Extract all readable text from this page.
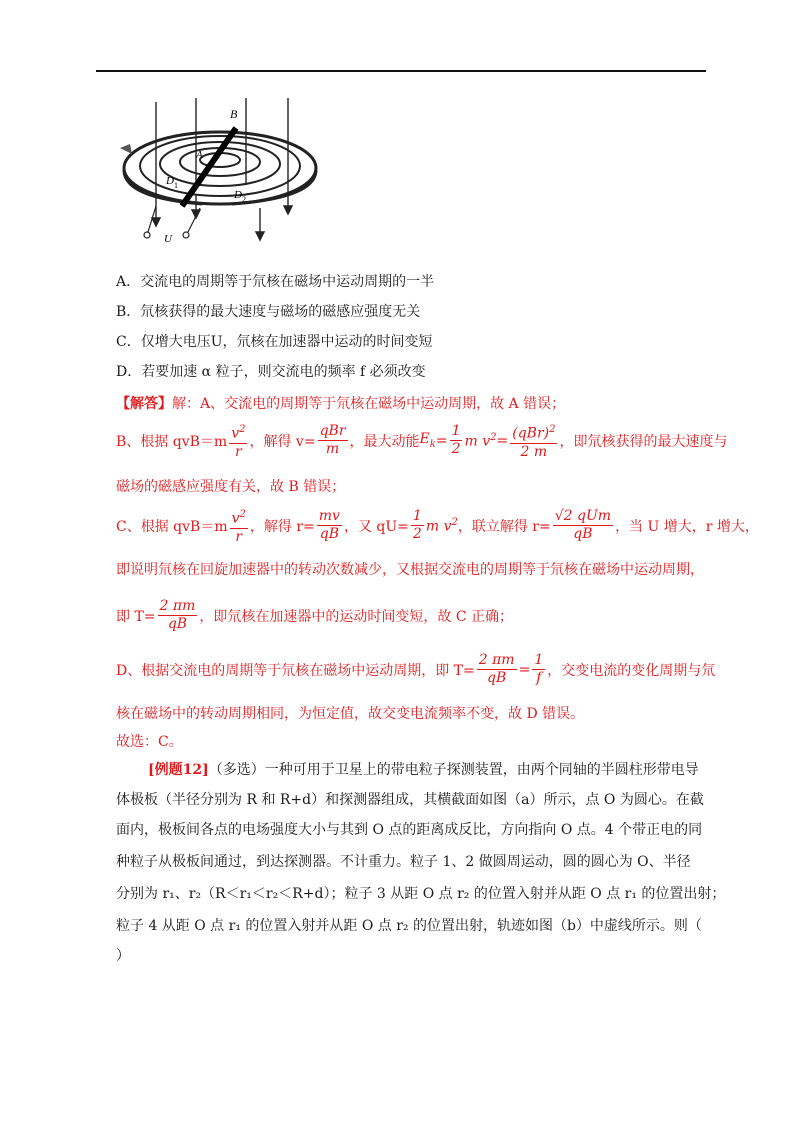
B
A
D 1
D 2
U
A．交流电的周期等于氘核在磁场中运动周期的一半
B．氘核获得的最大速度与磁场的磁感应强度无关
C．仅增大电压U，氘核在加速器中运动的时间变短
D．若要加速 α 粒子，则交流电的频率 f 必须改变
【解答】解：A、交流电的周期等于氘核在磁场中运动周期，故 A 错误；
B、根据 $qvB=m \frac{v^2}{r}$ ，解得 $v= \frac{\text{qBr}}{m}$ ，最大动能 $E_k = \frac{1}{2}$ m $v^2 = \frac{(qBr)^2}{2 m}$ ，即氘核获得的最大速度与
磁场的磁感应强度有关，故 B 错误；
C、根据 $qvB=m \frac{v^2}{r}$ ，解得 $r= \frac{mv}{qB}$ ，又 $qU= \frac{1}{2}$ m $v^2$ ，联立解得 $r= \frac{\text{√2 qUm}}{qB}$ ，当 U 增大，r 增大，
即说明氘核在回旋加速器中的转动次数减少，又根据交流电的周期等于氘核在磁场中运动周期，
即 $T= \frac{2 \pi m}{qB}$ ，即氘核在加速器中的运动时间变短，故 C 正确；
D、根据交流电的周期等于氘核在磁场中运动周期，即 $T= \frac{2 \pi m}{qB} = \frac{1}{f}$ ，交变电流的变化周期与氘
核在磁场中的转动周期相同，为恒定值，故交变电流频率不变，故 D 错误。
故选：C。
[例题12]（多选）一种可用于卫星上的带电粒子探测装置，由两个同轴的半圆柱形带电导
体极板（半径分别为 R 和 R+d）和探测器组成，其横截面如图（a）所示，点 O 为圆心。在截
面内，极板间各点的电场强度大小与其到 O 点的距离成反比，方向指向 O 点。4 个带正电的同
种粒子从极板间通过，到达探测器。不计重力。粒子 1、2 做圆周运动，圆的圆心为 O、半径
分别为 r₁、r₂（R＜r₁＜r₂＜R+d）；粒子 3 从距 O 点 r₂ 的位置入射并从距 O 点 r₁ 的位置出射；
粒子 4 从距 O 点 r₁ 的位置入射并从距 O 点 r₂ 的位置出射，轨迹如图（b）中虚线所示。则（
）
